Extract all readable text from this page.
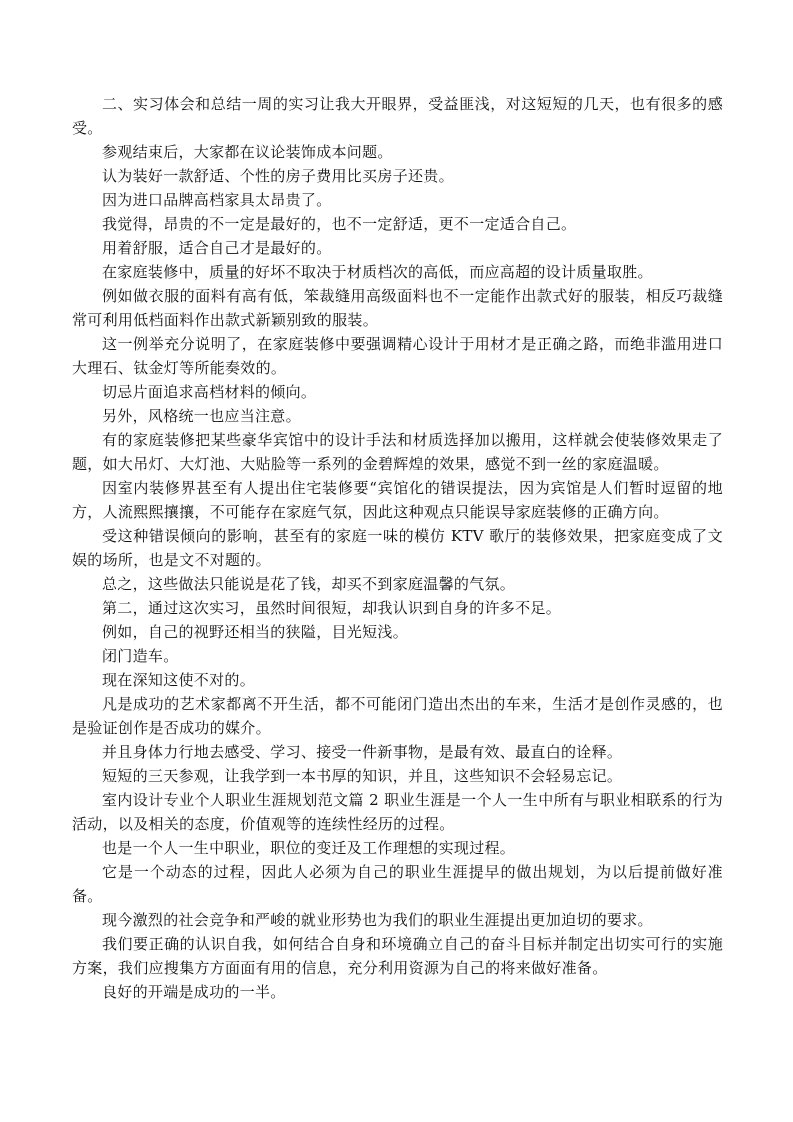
二、实习体会和总结一周的实习让我大开眼界，受益匪浅，对这短短的几天，也有很多的感受。

参观结束后，大家都在议论装饰成本问题。

认为装好一款舒适、个性的房子费用比买房子还贵。

因为进口品牌高档家具太昂贵了。

我觉得，昂贵的不一定是最好的，也不一定舒适，更不一定适合自己。

用着舒服，适合自己才是最好的。

在家庭装修中，质量的好坏不取决于材质档次的高低，而应高超的设计质量取胜。

例如做衣服的面料有高有低，笨裁缝用高级面料也不一定能作出款式好的服装，相反巧裁缝常可利用低档面料作出款式新颖别致的服装。

这一例举充分说明了，在家庭装修中要强调精心设计于用材才是正确之路，而绝非滥用进口大理石、钛金灯等所能奏效的。

切忌片面追求高档材料的倾向。

另外，风格统一也应当注意。

有的家庭装修把某些豪华宾馆中的设计手法和材质选择加以搬用，这样就会使装修效果走了题，如大吊灯、大灯池、大贴脸等一系列的金碧辉煌的效果，感觉不到一丝的家庭温暖。

因室内装修界甚至有人提出住宅装修要“宾馆化的错误提法，因为宾馆是人们暂时逗留的地方，人流熙熙攘攘，不可能存在家庭气氛，因此这种观点只能误导家庭装修的正确方向。

受这种错误倾向的影响，甚至有的家庭一味的模仿 KTV 歌厅的装修效果，把家庭变成了文娱的场所，也是文不对题的。

总之，这些做法只能说是花了钱，却买不到家庭温馨的气氛。

第二，通过这次实习，虽然时间很短，却我认识到自身的许多不足。

例如，自己的视野还相当的狭隘，目光短浅。

闭门造车。

现在深知这使不对的。

凡是成功的艺术家都离不开生活，都不可能闭门造出杰出的车来，生活才是创作灵感的，也是验证创作是否成功的媒介。

并且身体力行地去感受、学习、接受一件新事物，是最有效、最直白的诠释。

短短的三天参观，让我学到一本书厚的知识，并且，这些知识不会轻易忘记。

室内设计专业个人职业生涯规划范文篇 2 职业生涯是一个人一生中所有与职业相联系的行为活动，以及相关的态度，价值观等的连续性经历的过程。

也是一个人一生中职业，职位的变迁及工作理想的实现过程。

它是一个动态的过程，因此人必须为自己的职业生涯提早的做出规划，为以后提前做好准备。

现今激烈的社会竞争和严峻的就业形势也为我们的职业生涯提出更加迫切的要求。

我们要正确的认识自我，如何结合自身和环境确立自己的奋斗目标并制定出切实可行的实施方案，我们应搜集方方面面有用的信息，充分利用资源为自己的将来做好准备。

良好的开端是成功的一半。
